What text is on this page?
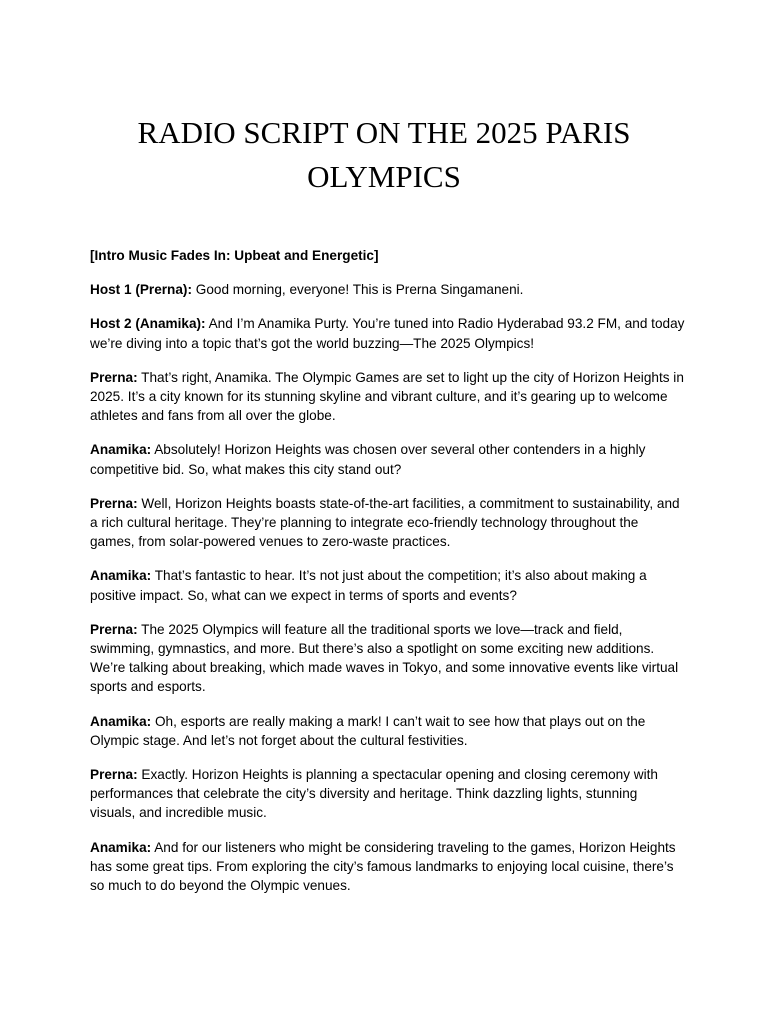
RADIO SCRIPT ON THE 2025 PARIS OLYMPICS

[Intro Music Fades In: Upbeat and Energetic]

Host 1 (Prerna): Good morning, everyone! This is Prerna Singamaneni.

Host 2 (Anamika): And I’m Anamika Purty. You’re tuned into Radio Hyderabad 93.2 FM, and today we’re diving into a topic that’s got the world buzzing—The 2025 Olympics!

Prerna: That’s right, Anamika. The Olympic Games are set to light up the city of Horizon Heights in 2025. It’s a city known for its stunning skyline and vibrant culture, and it’s gearing up to welcome athletes and fans from all over the globe.

Anamika: Absolutely! Horizon Heights was chosen over several other contenders in a highly competitive bid. So, what makes this city stand out?

Prerna: Well, Horizon Heights boasts state-of-the-art facilities, a commitment to sustainability, and a rich cultural heritage. They’re planning to integrate eco-friendly technology throughout the games, from solar-powered venues to zero-waste practices.

Anamika: That’s fantastic to hear. It’s not just about the competition; it’s also about making a positive impact. So, what can we expect in terms of sports and events?

Prerna: The 2025 Olympics will feature all the traditional sports we love—track and field, swimming, gymnastics, and more. But there’s also a spotlight on some exciting new additions. We’re talking about breaking, which made waves in Tokyo, and some innovative events like virtual sports and esports.

Anamika: Oh, esports are really making a mark! I can’t wait to see how that plays out on the Olympic stage. And let’s not forget about the cultural festivities.

Prerna: Exactly. Horizon Heights is planning a spectacular opening and closing ceremony with performances that celebrate the city’s diversity and heritage. Think dazzling lights, stunning visuals, and incredible music.

Anamika: And for our listeners who might be considering traveling to the games, Horizon Heights has some great tips. From exploring the city’s famous landmarks to enjoying local cuisine, there’s so much to do beyond the Olympic venues.
